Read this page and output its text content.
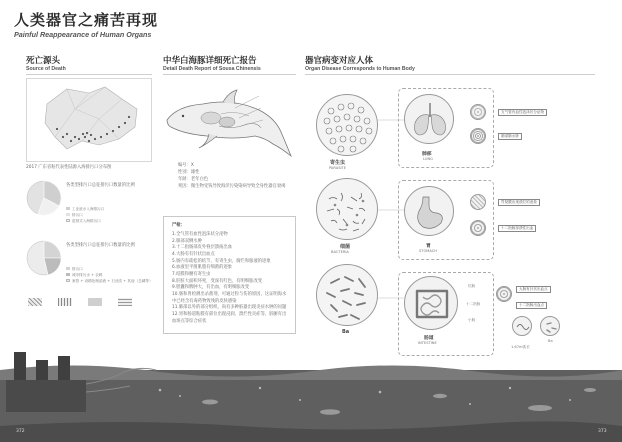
人类器官之痛苦再现
Painful Reappearance of Human Organs
死亡源头
Source of Death
2017 广东省粘代表性陆源入海排污口分布图
各类型排污口总征排污口数量的比例
工业废水入海排污口
排污口
混排式入海排污口
各类型排污口总征排污口数量的比例
排污口
城市排污水 + 农畔
案管 + 设精处理滤液 + 石油类 + 其他（总磷等）
中华白海豚详细死亡报告
Detail Death Report of Sousa Chinensis
编号：X
性别：雄性
年龄：老年白色
死因：微生物受钱导致海洋污染染病导致全身性器官衰竭
尸检：
1.全气管有血性泡沫状分泌物
2.肺部双侧水肿
3.十二指肠部皮外脊层溃疡出血
4.大肠有有针状出血点
5.肠内有疏松的结节，有寄生虫，腐烂和脓液的迹象
6.血液里平菌肌脂有细菌的迹象
7.结膜和腰有寄生虫
8.肝脏大面积坏死，变深有红色，有明细胀改变
9.胆囊和脾肿大，有出血，有明细胀改变
10.肠和胃检测出杀菌剂，可通过粒与伤的原因，这证明海水中已经含有毒药物致残的皮肤感染
11.肺部以外的部分组织，尚有多种脏器出现炎症水肿的问题
12.胃和肠道粘膜有部位出现浸润、溃烂性炎症等，脏腑有出血斑点等综合症状
器官病变对应人体
Organ Disease Corresponds to Human Body
寄生虫
PARASITE
细菌
BACTERIA
Ba
肺部
LUNG
支气管有血性泡沫状分泌物
肺部肺水肿
胃
STOMACH
胃黏膜出现溃烂的迹象
十二指肠部溃性出血
肠道
INTESTINE
结肠
十二指肠
小肠
大肠有针状出血点
十二指肠出血点
1.67m弧长
Ba
372	373
